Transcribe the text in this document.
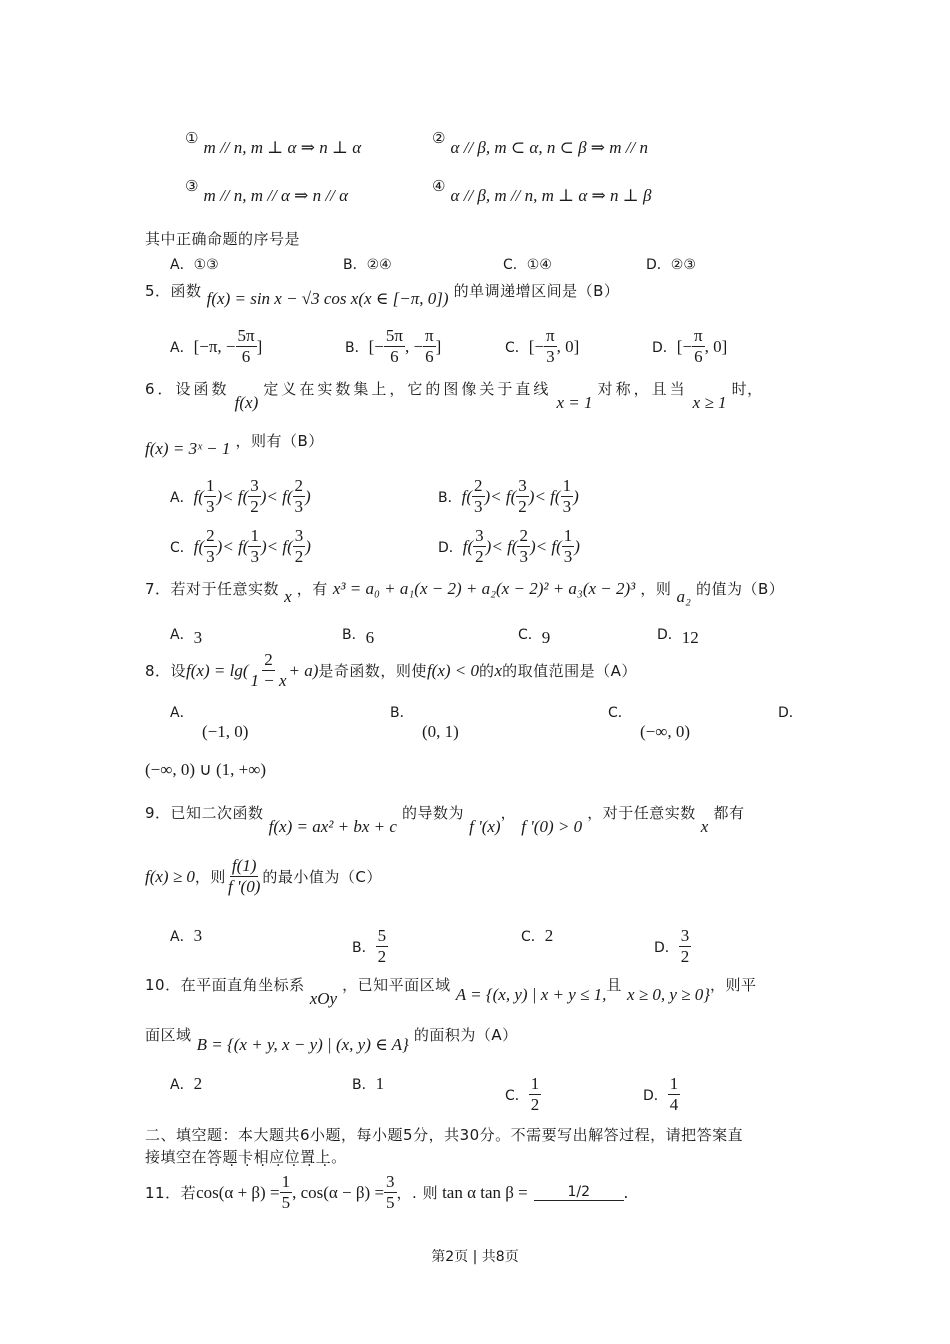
① m // n, m ⊥ α ⇒ n ⊥ α	② α // β, m ⊂ α, n ⊂ β ⇒ m // n
③ m // n, m // α ⇒ n // α	④ α // β, m // n, m ⊥ α ⇒ n ⊥ β
其中正确命题的序号是
A．①③	B．②④	C．①④	D．②③
5．函数 f(x) = sin x − √3 cos x(x ∈ [−π, 0]) 的单调递增区间是（B）
A． [−π, − $\frac{5\pi}{6}$ ]	B． [− $\frac{5\pi}{6}$ , − $\frac{\pi}{6}$ ]	C． [− $\frac{\pi}{3}$ , 0]	D． [− $\frac{\pi}{6}$ , 0]
6．设函数 f(x) 定义在实数集上，它的图像关于直线 x = 1 对称，且当 x ≥ 1 时，
f(x) = 3ˣ − 1 ，则有（B）
A． $f( \frac{1}{3}$ ) < $f( \frac{3}{2}$ ) < $f( \frac{2}{3}$ )	B． $f( \frac{2}{3}$ ) < $f( \frac{3}{2}$ ) < $f( \frac{1}{3}$ )
C． $f( \frac{2}{3}$ ) < $f( \frac{1}{3}$ ) < $f( \frac{3}{2}$ )	D． $f( \frac{3}{2}$ ) < $f( \frac{2}{3}$ ) < $f( \frac{1}{3}$ )
7．若对于任意实数 x ，有 x³ = a₀ + a₁(x − 2) + a₂(x − 2)² + a₃(x − 2)³ ，则 a₂ 的值为（B）
A．3	B．6	C．9	D．12
8．设 $f(x) = \lg( \frac{2}{1 - x} + a)$ 是奇函数，则使 f(x) < 0 的 x 的取值范围是（A）
A．
(−1, 0)
B．
(0, 1)
C．
(−∞, 0)
D．
(−∞, 0) ∪ (1, +∞)
9．已知二次函数 f(x) = ax² + bx + c 的导数为 f '(x)， f '(0) > 0 ，对于任意实数 x 都有
f(x) ≥ 0 ，则 $\frac{f(1)}{f '(0)}$ 的最小值为（C）
A． 3
B． $\frac{5}{2}$	C． 2
D． $\frac{3}{2}$
10．在平面直角坐标系 xOy ，已知平面区域 A = {(x, y) | x + y ≤ 1,且 x ≥ 0, y ≥ 0}，则平
面区域 B = {(x + y, x − y) | (x, y) ∈ A} 的面积为（A）
A． 2	B． 1
C． $\frac{1}{2}$	D． $\frac{1}{4}$
二、填空题：本大题共6小题，每小题5分，共30分。不需要写出解答过程，请把答案直
接填空在答题卡相应位置上。
11．若 $\cos(\alpha + \beta) = \frac{1}{5}$ , $\cos(\alpha - \beta) = \frac{3}{5}$ ，. 则 tan α tan β =	1/2	.
第2页 | 共8页
